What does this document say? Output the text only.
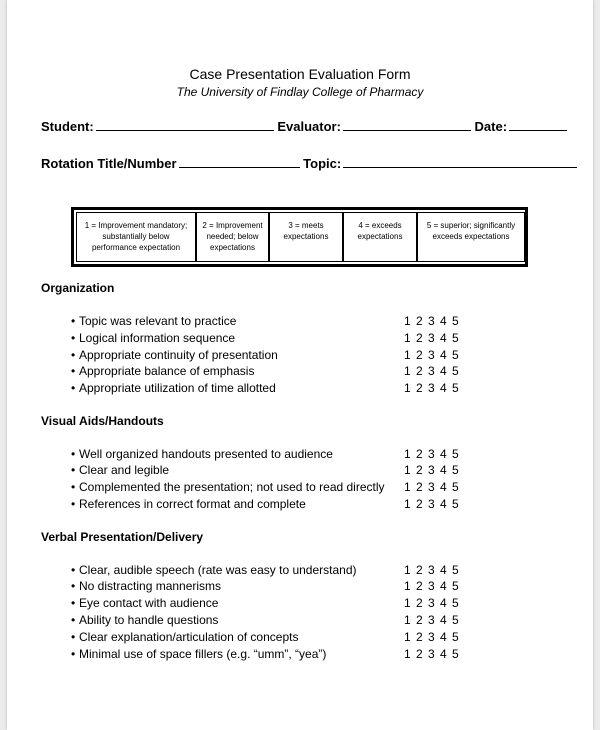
Case Presentation Evaluation Form
The University of Findlay College of Pharmacy
Student:	Evaluator:	Date:
Rotation Title/Number	Topic:
1 = Improvement mandatory; substantially below performance expectation
2 = Improvement needed; below expectations
3 = meets expectations
4 = exceeds expectations
5 = superior; significantly exceeds expectations
Organization
• Topic was relevant to practice	1 2 3 4 5
• Logical information sequence	1 2 3 4 5
• Appropriate continuity of presentation	1 2 3 4 5
• Appropriate balance of emphasis	1 2 3 4 5
• Appropriate utilization of time allotted	1 2 3 4 5
Visual Aids/Handouts
• Well organized handouts presented to audience	1 2 3 4 5
• Clear and legible	1 2 3 4 5
• Complemented the presentation; not used to read directly 1 2 3 4 5
• References in correct format and complete	1 2 3 4 5
Verbal Presentation/Delivery
• Clear, audible speech (rate was easy to understand)	1 2 3 4 5
• No distracting mannerisms	1 2 3 4 5
• Eye contact with audience	1 2 3 4 5
• Ability to handle questions	1 2 3 4 5
• Clear explanation/articulation of concepts	1 2 3 4 5
• Minimal use of space fillers (e.g. “umm”, “yea”)	1 2 3 4 5
